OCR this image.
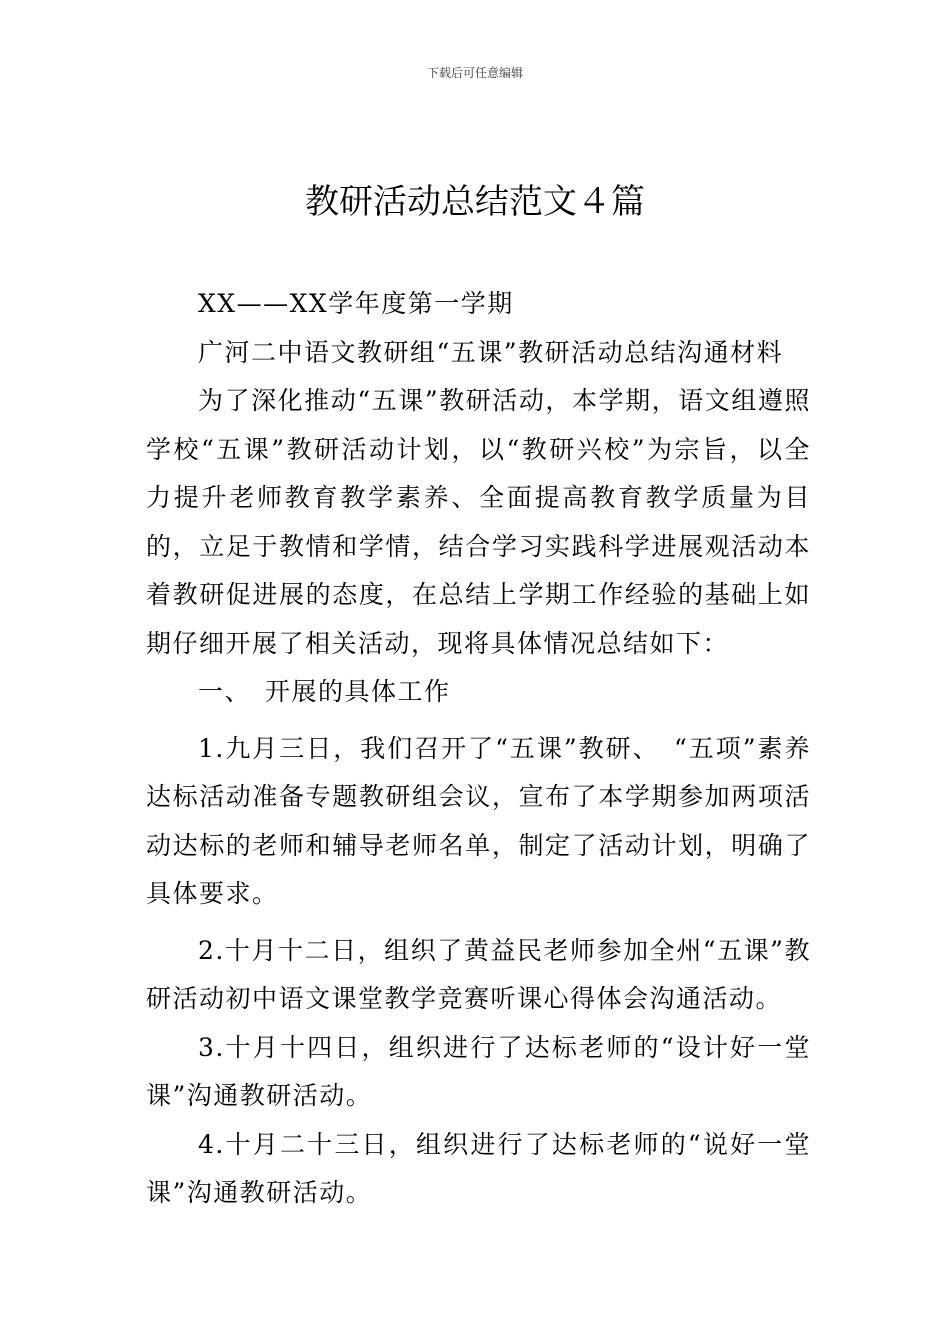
下载后可任意编辑
教研活动总结范文４篇

XX——XX学年度第一学期

广河二中语文教研组“五课”教研活动总结沟通材料

为了深化推动“五课”教研活动，本学期，语文组遵照学校“五课”教研活动计划，以“教研兴校”为宗旨，以全力提升老师教育教学素养、全面提高教育教学质量为目的，立足于教情和学情，结合学习实践科学进展观活动本着教研促进展的态度，在总结上学期工作经验的基础上如期仔细开展了相关活动，现将具体情况总结如下：

一、　开展的具体工作

1.九月三日，我们召开了“五课”教研、　“五项”素养达标活动准备专题教研组会议，宣布了本学期参加两项活动达标的老师和辅导老师名单，制定了活动计划，明确了具体要求。

2.十月十二日，组织了黄益民老师参加全州“五课”教研活动初中语文课堂教学竞赛听课心得体会沟通活动。

3.十月十四日，组织进行了达标老师的“设计好一堂课”沟通教研活动。

4.十月二十三日，组织进行了达标老师的“说好一堂课”沟通教研活动。
